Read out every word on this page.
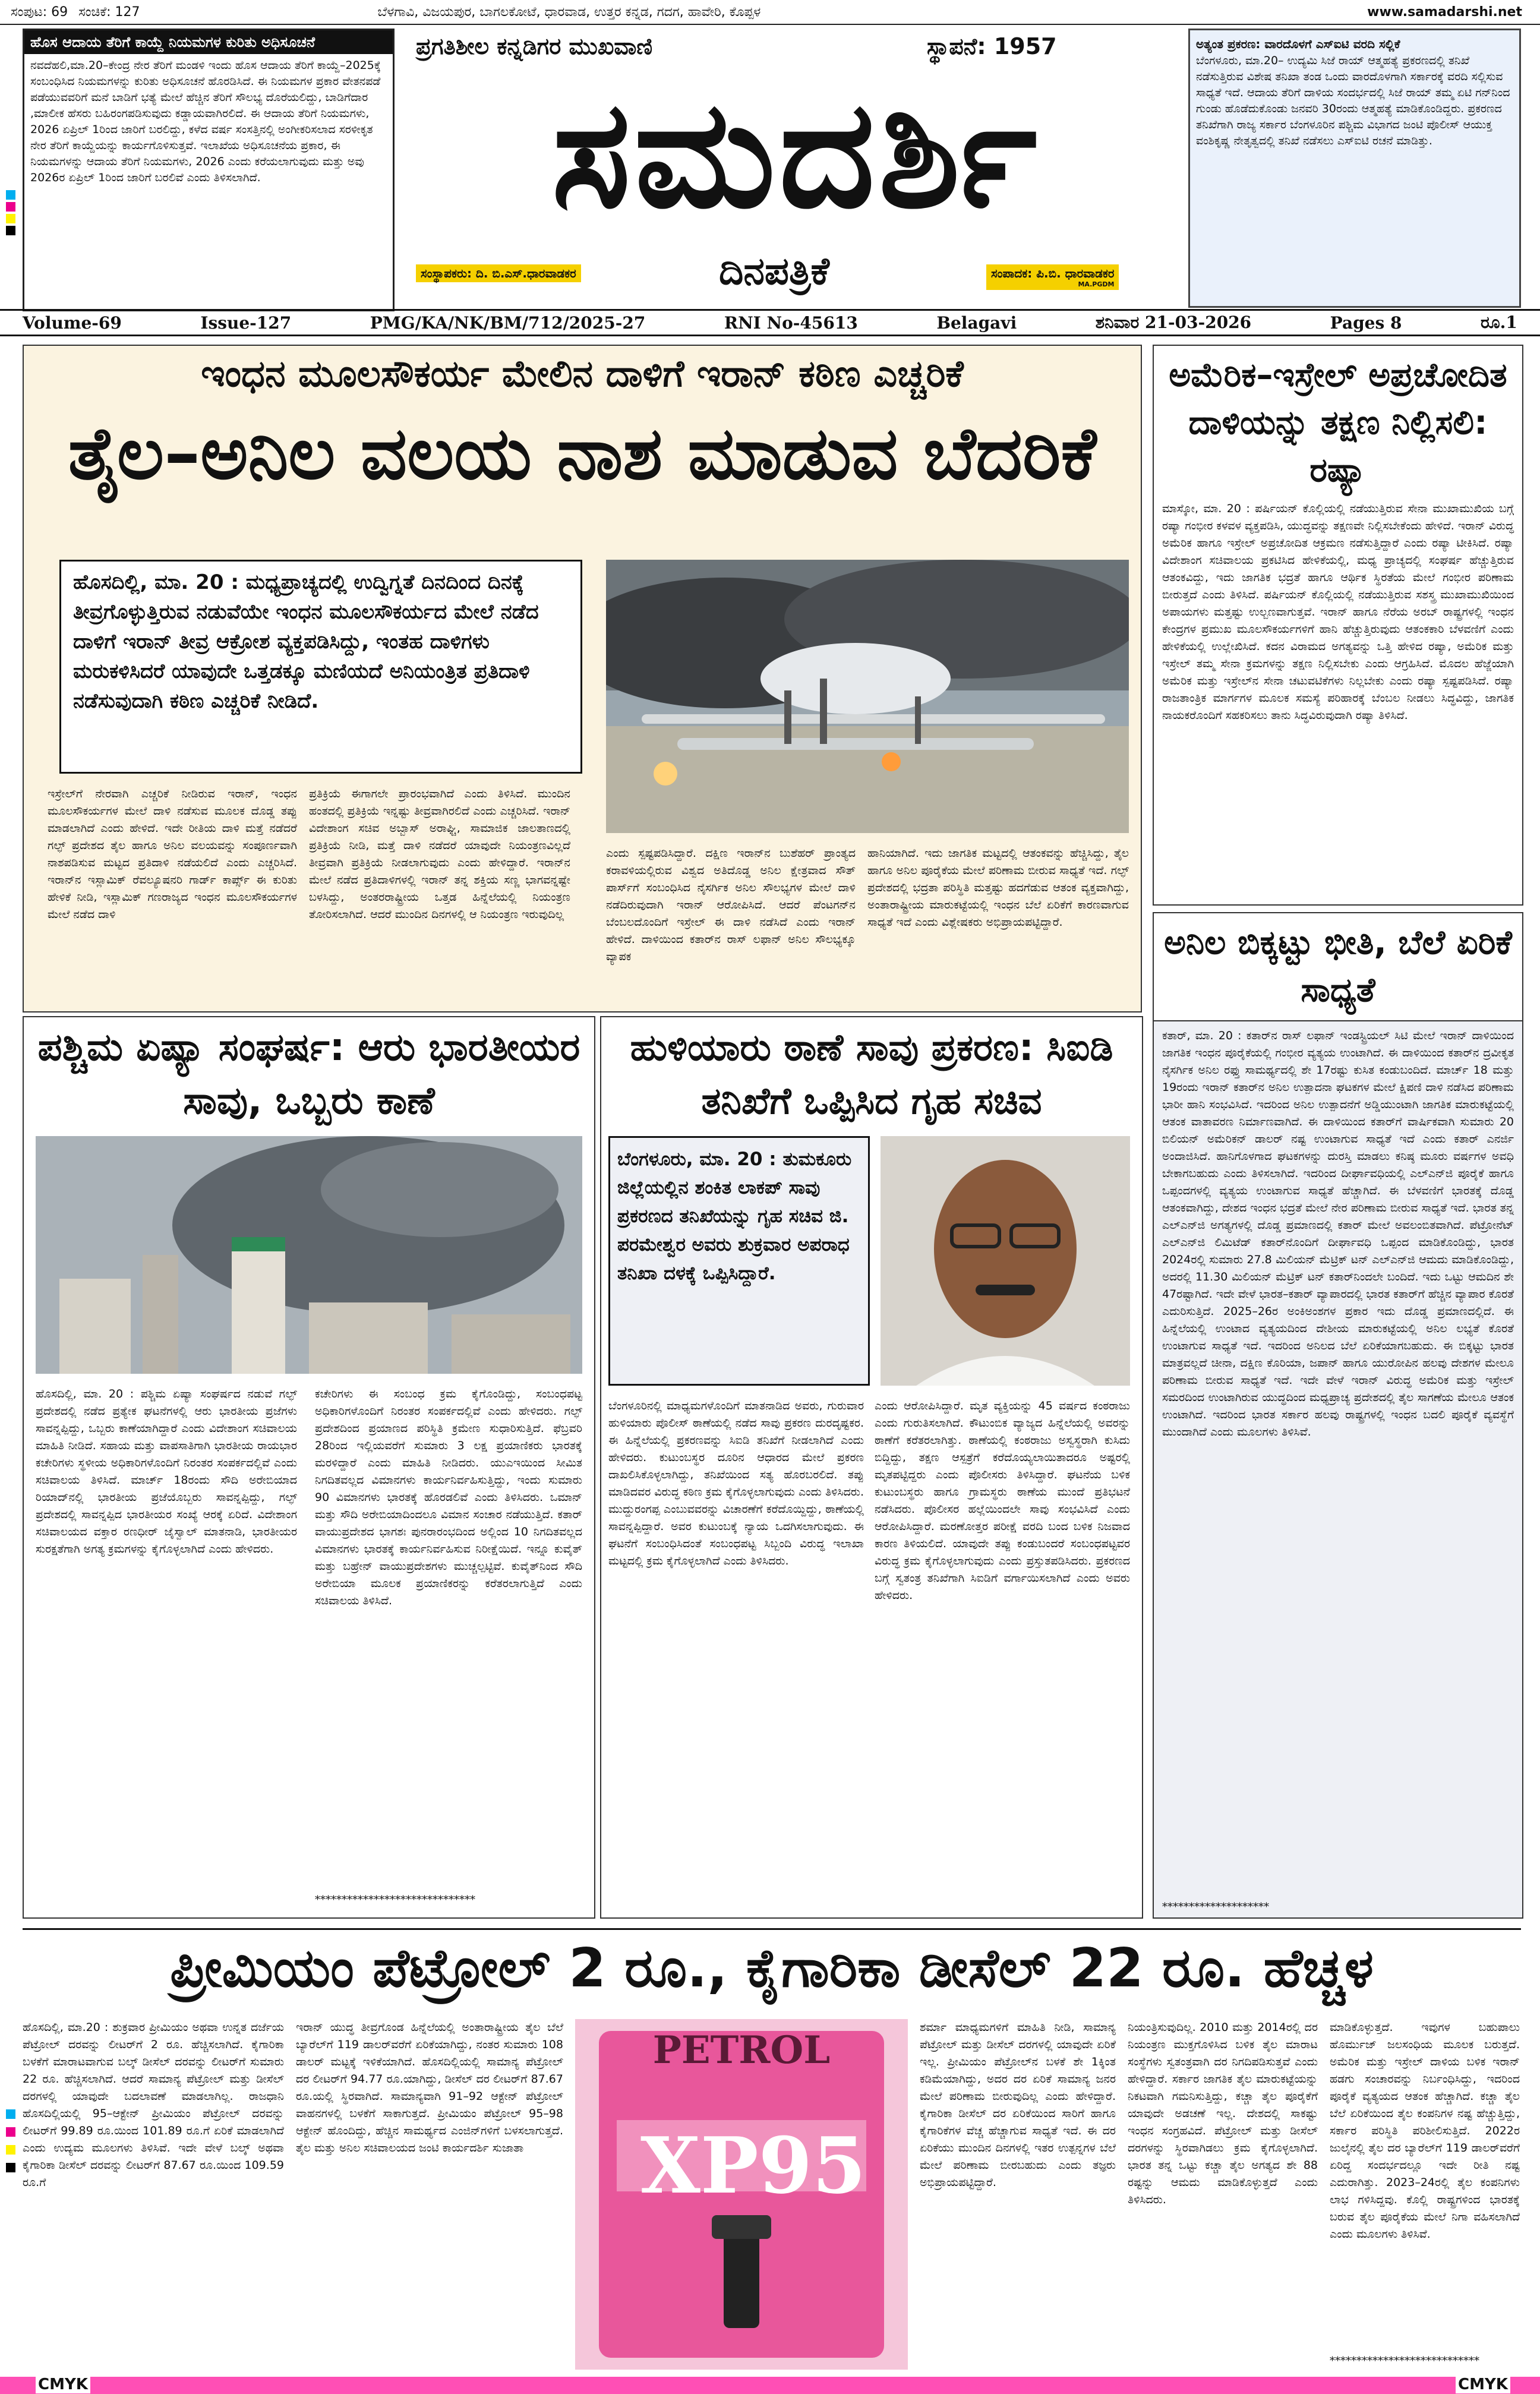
ಸಂಪುಟ: 69 ಸಂಚಿಕೆ: 127	ಬೆಳಗಾವಿ, ವಿಜಯಪುರ, ಬಾಗಲಕೋಟೆ, ಧಾರವಾಡ, ಉತ್ತರ ಕನ್ನಡ, ಗದಗ, ಹಾವೇರಿ, ಕೊಪ್ಪಳ	www.samadarshi.net
ಹೊಸ ಆದಾಯ ತೆರಿಗೆ ಕಾಯ್ದೆ ನಿಯಮಗಳ ಕುರಿತು ಅಧಿಸೂಚನೆ
ನವದೆಹಲಿ,ಮಾ.20–ಕೇಂದ್ರ ನೇರ ತೆರಿಗೆ ಮಂಡಳಿ ಇಂದು ಹೊಸ ಆದಾಯ ತೆರಿಗೆ ಕಾಯ್ದೆ–2025ಕ್ಕೆ ಸಂಬಂಧಿಸಿದ ನಿಯಮಗಳನ್ನು ಕುರಿತು ಅಧಿಸೂಚನೆ ಹೊರಡಿಸಿದೆ. ಈ ನಿಯಮಗಳ ಪ್ರಕಾರ ವೇತನಪಡೆ ಪಡೆಯುವವರಿಗೆ ಮನೆ ಬಾಡಿಗೆ ಭತ್ಯೆ ಮೇಲೆ ಹೆಚ್ಚಿನ ತೆರಿಗೆ ಸೌಲಭ್ಯ ದೊರೆಯಲಿದ್ದು, ಬಾಡಿಗೆದಾರ ,ಮಾಲೀಕ ಹೆಸರು ಬಹಿರಂಗಪಡಿಸುವುದು ಕಡ್ಡಾಯವಾಗಿರಲಿದೆ. ಈ ಆದಾಯ ತೆರಿಗೆ ನಿಯಮಗಳು, 2026 ಏಪ್ರಿಲ್ 1ರಿಂದ ಜಾರಿಗೆ ಬರಲಿದ್ದು, ಕಳೆದ ವರ್ಷ ಸಂಸತ್ತಿನಲ್ಲಿ ಅಂಗೀಕರಿಸಲಾದ ಸರಳೀಕೃತ ನೇರ ತೆರಿಗೆ ಕಾಯ್ದೆಯನ್ನು ಕಾರ್ಯಗೊಳಿಸುತ್ತವೆ. ಇಲಾಖೆಯ ಅಧಿಸೂಚನೆಯ ಪ್ರಕಾರ, ಈ ನಿಯಮಗಳನ್ನು ಆದಾಯ ತೆರಿಗೆ ನಿಯಮಗಳು, 2026 ಎಂದು ಕರೆಯಲಾಗುವುದು ಮತ್ತು ಅವು 2026ರ ಏಪ್ರಿಲ್ 1ರಿಂದ ಜಾರಿಗೆ ಬರಲಿವೆ ಎಂದು ತಿಳಿಸಲಾಗಿದೆ.
ಪ್ರಗತಿಶೀಲ ಕನ್ನಡಿಗರ ಮುಖವಾಣಿ	ಸ್ಥಾಪನೆ: 1957
ಸಮದರ್ಶಿ
ಸಂಸ್ಥಾಪಕರು: ದಿ. ಬಿ.ಎಸ್.ಧಾರವಾಡಕರ	ದಿನಪತ್ರಿಕೆ	ಸಂಪಾದಕ: ಪಿ.ಬಿ. ಧಾರವಾಡಕರ
MA.PGDM
ಅತ್ಯಂತ ಪ್ರಕರಣ: ವಾರದೊಳಗೆ ಎಸ್‌ಐಟಿ ವರದಿ ಸಲ್ಲಿಕೆ
ಬೆಂಗಳೂರು, ಮಾ.20– ಉದ್ಯಮಿ ಸಿಜೆ ರಾಯ್ ಆತ್ಮಹತ್ಯೆ ಪ್ರಕರಣದಲ್ಲಿ ತನಿಖೆ ನಡೆಸುತ್ತಿರುವ ವಿಶೇಷ ತನಿಖಾ ತಂಡ ಒಂದು ವಾರದೊಳಗಾಗಿ ಸರ್ಕಾರಕ್ಕೆ ವರದಿ ಸಲ್ಲಿಸುವ ಸಾಧ್ಯತೆ ಇದೆ. ಆದಾಯ ತೆರಿಗೆ ದಾಳಿಯ ಸಂದರ್ಭದಲ್ಲಿ ಸಿಜೆ ರಾಯ್ ತಮ್ಮ ಏಟಿ ಗನ್‌ನಿಂದ ಗುಂಡು ಹೊಡೆದುಕೊಂಡು ಜನವರಿ 30ರಂದು ಆತ್ಮಹತ್ಯೆ ಮಾಡಿಕೊಂಡಿದ್ದರು. ಪ್ರಕರಣದ ತನಿಖೆಗಾಗಿ ರಾಜ್ಯ ಸರ್ಕಾರ ಬೆಂಗಳೂರಿನ ಪಶ್ಚಿಮ ವಿಭಾಗದ ಜಂಟಿ ಪೊಲೀಸ್ ಆಯುಕ್ತ ವಂಶಿಕೃಷ್ಣ ನೇತೃತ್ವದಲ್ಲಿ ತನಿಖೆ ನಡೆಸಲು ಎಸ್‌ಐಟಿ ರಚನೆ ಮಾಡಿತ್ತು.
Volume-69	Issue-127	PMG/KA/NK/BM/712/2025-27	RNI No-45613	Belagavi	ಶನಿವಾರ 21-03-2026	Pages 8	ರೂ.1
ಇಂಧನ ಮೂಲಸೌಕರ್ಯ ಮೇಲಿನ ದಾಳಿಗೆ ಇರಾನ್ ಕಠಿಣ ಎಚ್ಚರಿಕೆ
ತೈಲ–ಅನಿಲ ವಲಯ ನಾಶ ಮಾಡುವ ಬೆದರಿಕೆ
ಹೊಸದಿಲ್ಲಿ, ಮಾ. 20 : ಮಧ್ಯಪ್ರಾಚ್ಯದಲ್ಲಿ ಉದ್ವಿಗ್ನತೆ ದಿನದಿಂದ ದಿನಕ್ಕೆ ತೀವ್ರಗೊಳ್ಳುತ್ತಿರುವ ನಡುವೆಯೇ ಇಂಧನ ಮೂಲಸೌಕರ್ಯದ ಮೇಲೆ ನಡೆದ ದಾಳಿಗೆ ಇರಾನ್ ತೀವ್ರ ಆಕ್ರೋಶ ವ್ಯಕ್ತಪಡಿಸಿದ್ದು, ಇಂತಹ ದಾಳಿಗಳು ಮರುಕಳಿಸಿದರೆ ಯಾವುದೇ ಒತ್ತಡಕ್ಕೂ ಮಣಿಯದೆ ಅನಿಯಂತ್ರಿತ ಪ್ರತಿದಾಳಿ ನಡೆಸುವುದಾಗಿ ಕಠಿಣ ಎಚ್ಚರಿಕೆ ನೀಡಿದೆ.
ಇಸ್ರೇಲ್‌ಗೆ ನೇರವಾಗಿ ಎಚ್ಚರಿಕೆ ನೀಡಿರುವ ಇರಾನ್, ಇಂಧನ ಮೂಲಸೌಕರ್ಯಗಳ ಮೇಲೆ ದಾಳಿ ನಡೆಸುವ ಮೂಲಕ ದೊಡ್ಡ ತಪ್ಪು ಮಾಡಲಾಗಿದೆ ಎಂದು ಹೇಳಿದೆ. ಇದೇ ರೀತಿಯ ದಾಳಿ ಮತ್ತೆ ನಡೆದರೆ ಗಲ್ಫ್ ಪ್ರದೇಶದ ತೈಲ ಹಾಗೂ ಅನಿಲ ವಲಯವನ್ನು ಸಂಪೂರ್ಣವಾಗಿ ನಾಶಪಡಿಸುವ ಮಟ್ಟದ ಪ್ರತಿದಾಳಿ ನಡೆಯಲಿದೆ ಎಂದು ಎಚ್ಚರಿಸಿದೆ. ಇರಾನ್‌ನ ಇಸ್ಲಾಮಿಕ್ ರೆವಲ್ಯೂಷನರಿ ಗಾರ್ಡ್ ಕಾರ್ಪ್ಸ್ ಈ ಕುರಿತು ಹೇಳಿಕೆ ನೀಡಿ, ಇಸ್ಲಾಮಿಕ್ ಗಣರಾಜ್ಯದ ಇಂಧನ ಮೂಲಸೌಕರ್ಯಗಳ ಮೇಲೆ ನಡೆದ ದಾಳಿ
ಪ್ರತಿಕ್ರಿಯೆ ಈಗಾಗಲೇ ಪ್ರಾರಂಭವಾಗಿದೆ ಎಂದು ತಿಳಿಸಿದೆ. ಮುಂದಿನ ಹಂತದಲ್ಲಿ ಪ್ರತಿಕ್ರಿಯೆ ಇನ್ನಷ್ಟು ತೀವ್ರವಾಗಿರಲಿದೆ ಎಂದು ಎಚ್ಚರಿಸಿದೆ. ಇರಾನ್ ವಿದೇಶಾಂಗ ಸಚಿವ ಅಬ್ಬಾಸ್ ಅರಾಘ್ಚಿ, ಸಾಮಾಜಿಕ ಜಾಲತಾಣದಲ್ಲಿ ಪ್ರತಿಕ್ರಿಯೆ ನೀಡಿ, ಮತ್ತೆ ದಾಳಿ ನಡೆದರೆ ಯಾವುದೇ ನಿಯಂತ್ರಣವಿಲ್ಲದೆ ತೀವ್ರವಾಗಿ ಪ್ರತಿಕ್ರಿಯೆ ನೀಡಲಾಗುವುದು ಎಂದು ಹೇಳಿದ್ದಾರೆ. ಇರಾನ್‌ನ ಮೇಲೆ ನಡೆದ ಪ್ರತಿದಾಳಿಗಳಲ್ಲಿ ಇರಾನ್ ತನ್ನ ಶಕ್ತಿಯ ಸಣ್ಣ ಭಾಗವನ್ನಷ್ಟೇ ಬಳಸಿದ್ದು, ಅಂತರರಾಷ್ಟ್ರೀಯ ಒತ್ತಡ ಹಿನ್ನೆಲೆಯಲ್ಲಿ ನಿಯಂತ್ರಣ ತೋರಿಸಲಾಗಿದೆ. ಆದರೆ ಮುಂದಿನ ದಿನಗಳಲ್ಲಿ ಆ ನಿಯಂತ್ರಣ ಇರುವುದಿಲ್ಲ
ಎಂದು ಸ್ಪಷ್ಟಪಡಿಸಿದ್ದಾರೆ. ದಕ್ಷಿಣ ಇರಾನ್‌ನ ಬುಶೆಹರ್ ಪ್ರಾಂತ್ಯದ ಕರಾವಳಿಯಲ್ಲಿರುವ ವಿಶ್ವದ ಅತಿದೊಡ್ಡ ಅನಿಲ ಕ್ಷೇತ್ರವಾದ ಸೌತ್ ಪಾರ್ಸ್‌ಗೆ ಸಂಬಂಧಿಸಿದ ನೈಸರ್ಗಿಕ ಅನಿಲ ಸೌಲಭ್ಯಗಳ ಮೇಲೆ ದಾಳಿ ನಡೆದಿರುವುದಾಗಿ ಇರಾನ್ ಆರೋಪಿಸಿದೆ. ಆದರೆ ಪೆಂಟಗನ್‌ನ ಬೆಂಬಲದೊಂದಿಗೆ ಇಸ್ರೇಲ್ ಈ ದಾಳಿ ನಡೆಸಿದೆ ಎಂದು ಇರಾನ್ ಹೇಳಿದೆ. ದಾಳಿಯಿಂದ ಕತಾರ್‌ನ ರಾಸ್ ಲಫಾನ್ ಅನಿಲ ಸೌಲಭ್ಯಕ್ಕೂ ವ್ಯಾಪಕ
ಹಾನಿಯಾಗಿದೆ. ಇದು ಜಾಗತಿಕ ಮಟ್ಟದಲ್ಲಿ ಆತಂಕವನ್ನು ಹೆಚ್ಚಿಸಿದ್ದು, ತೈಲ ಹಾಗೂ ಅನಿಲ ಪೂರೈಕೆಯ ಮೇಲೆ ಪರಿಣಾಮ ಬೀರುವ ಸಾಧ್ಯತೆ ಇದೆ. ಗಲ್ಫ್ ಪ್ರದೇಶದಲ್ಲಿ ಭದ್ರತಾ ಪರಿಸ್ಥಿತಿ ಮತ್ತಷ್ಟು ಹದಗೆಡುವ ಆತಂಕ ವ್ಯಕ್ತವಾಗಿದ್ದು, ಅಂತಾರಾಷ್ಟ್ರೀಯ ಮಾರುಕಟ್ಟೆಯಲ್ಲಿ ಇಂಧನ ಬೆಲೆ ಏರಿಕೆಗೆ ಕಾರಣವಾಗುವ ಸಾಧ್ಯತೆ ಇದೆ ಎಂದು ವಿಶ್ಲೇಷಕರು ಅಭಿಪ್ರಾಯಪಟ್ಟಿದ್ದಾರೆ.
ಅಮೆರಿಕ–ಇಸ್ರೇಲ್ ಅಪ್ರಚೋದಿತ ದಾಳಿಯನ್ನು ತಕ್ಷಣ ನಿಲ್ಲಿಸಲಿ: ರಷ್ಯಾ
ಮಾಸ್ಕೋ, ಮಾ. 20 : ಪರ್ಷಿಯನ್ ಕೊಲ್ಲಿಯಲ್ಲಿ ನಡೆಯುತ್ತಿರುವ ಸೇನಾ ಮುಖಾಮುಖಿಯ ಬಗ್ಗೆ ರಷ್ಯಾ ಗಂಭೀರ ಕಳವಳ ವ್ಯಕ್ತಪಡಿಸಿ, ಯುದ್ಧವನ್ನು ತಕ್ಷಣವೇ ನಿಲ್ಲಿಸಬೇಕೆಂದು ಹೇಳಿದೆ. ಇರಾನ್ ವಿರುದ್ಧ ಅಮೆರಿಕ ಹಾಗೂ ಇಸ್ರೇಲ್ ಅಪ್ರಚೋದಿತ ಆಕ್ರಮಣ ನಡೆಸುತ್ತಿದ್ದಾರೆ ಎಂದು ರಷ್ಯಾ ಟೀಕಿಸಿದೆ. ರಷ್ಯಾ ವಿದೇಶಾಂಗ ಸಚಿವಾಲಯ ಪ್ರಕಟಿಸಿದ ಹೇಳಿಕೆಯಲ್ಲಿ, ಮಧ್ಯ ಪ್ರಾಚ್ಯದಲ್ಲಿ ಸಂಘರ್ಷ ಹೆಚ್ಚುತ್ತಿರುವ ಆತಂಕವಿದ್ದು, ಇದು ಜಾಗತಿಕ ಭದ್ರತೆ ಹಾಗೂ ಆರ್ಥಿಕ ಸ್ಥಿರತೆಯ ಮೇಲೆ ಗಂಭೀರ ಪರಿಣಾಮ ಬೀರುತ್ತದೆ ಎಂದು ತಿಳಿಸಿದೆ. ಪರ್ಷಿಯನ್ ಕೊಲ್ಲಿಯಲ್ಲಿ ನಡೆಯುತ್ತಿರುವ ಸಶಸ್ತ್ರ ಮುಖಾಮುಖಿಯಿಂದ ಅಪಾಯಗಳು ಮತ್ತಷ್ಟು ಉಲ್ಬಣವಾಗುತ್ತವೆ. ಇರಾನ್ ಹಾಗೂ ನೆರೆಯ ಅರಬ್ ರಾಷ್ಟ್ರಗಳಲ್ಲಿ ಇಂಧನ ಕೇಂದ್ರಗಳ ಪ್ರಮುಖ ಮೂಲಸೌಕರ್ಯಗಳಿಗೆ ಹಾನಿ ಹೆಚ್ಚುತ್ತಿರುವುದು ಆತಂಕಕಾರಿ ಬೆಳವಣಿಗೆ ಎಂದು ಹೇಳಿಕೆಯಲ್ಲಿ ಉಲ್ಲೇಖಿಸಿದೆ. ಕದನ ವಿರಾಮದ ಅಗತ್ಯವನ್ನು ಒತ್ತಿ ಹೇಳಿದ ರಷ್ಯಾ, ಅಮೆರಿಕ ಮತ್ತು ಇಸ್ರೇಲ್ ತಮ್ಮ ಸೇನಾ ಕ್ರಮಗಳನ್ನು ತಕ್ಷಣ ನಿಲ್ಲಿಸಬೇಕು ಎಂದು ಆಗ್ರಹಿಸಿದೆ. ಮೊದಲ ಹೆಜ್ಜೆಯಾಗಿ ಅಮೆರಿಕ ಮತ್ತು ಇಸ್ರೇಲ್‌ನ ಸೇನಾ ಚಟುವಟಿಕೆಗಳು ನಿಲ್ಲಬೇಕು ಎಂದು ರಷ್ಯಾ ಸ್ಪಷ್ಟಪಡಿಸಿದೆ. ರಷ್ಯಾ ರಾಜತಾಂತ್ರಿಕ ಮಾರ್ಗಗಳ ಮೂಲಕ ಸಮಸ್ಯೆ ಪರಿಹಾರಕ್ಕೆ ಬೆಂಬಲ ನೀಡಲು ಸಿದ್ಧವಿದ್ದು, ಜಾಗತಿಕ ನಾಯಕರೊಂದಿಗೆ ಸಹಕರಿಸಲು ತಾನು ಸಿದ್ಧವಿರುವುದಾಗಿ ರಷ್ಯಾ ತಿಳಿಸಿದೆ.
ಅನಿಲ ಬಿಕ್ಕಟ್ಟು ಭೀತಿ, ಬೆಲೆ ಏರಿಕೆ ಸಾಧ್ಯತೆ
ಕತಾರ್, ಮಾ. 20 : ಕತಾರ್‌ನ ರಾಸ್ ಲಫಾನ್ ಇಂಡಸ್ಟ್ರಿಯಲ್ ಸಿಟಿ ಮೇಲೆ ಇರಾನ್ ದಾಳಿಯಿಂದ ಜಾಗತಿಕ ಇಂಧನ ಪೂರೈಕೆಯಲ್ಲಿ ಗಂಭೀರ ವ್ಯತ್ಯಯ ಉಂಟಾಗಿದೆ. ಈ ದಾಳಿಯಿಂದ ಕತಾರ್‌ನ ದ್ರವೀಕೃತ ನೈಸರ್ಗಿಕ ಅನಿಲ ರಫ್ತು ಸಾಮರ್ಥ್ಯದಲ್ಲಿ ಶೇ 17ರಷ್ಟು ಕುಸಿತ ಕಂಡುಬಂದಿದೆ. ಮಾರ್ಚ್ 18 ಮತ್ತು 19ರಂದು ಇರಾನ್ ಕತಾರ್‌ನ ಅನಿಲ ಉತ್ಪಾದನಾ ಘಟಕಗಳ ಮೇಲೆ ಕ್ಷಿಪಣಿ ದಾಳಿ ನಡೆಸಿದ ಪರಿಣಾಮ ಭಾರೀ ಹಾನಿ ಸಂಭವಿಸಿದೆ. ಇದರಿಂದ ಅನಿಲ ಉತ್ಪಾದನೆಗೆ ಅಡ್ಡಿಯುಂಟಾಗಿ ಜಾಗತಿಕ ಮಾರುಕಟ್ಟೆಯಲ್ಲಿ ಆತಂಕ ವಾತಾವರಣ ನಿರ್ಮಾಣವಾಗಿದೆ. ಈ ದಾಳಿಯಿಂದ ಕತಾರ್‌ಗೆ ವಾರ್ಷಿಕವಾಗಿ ಸುಮಾರು 20 ಬಿಲಿಯನ್ ಅಮೆರಿಕನ್ ಡಾಲರ್ ನಷ್ಟ ಉಂಟಾಗುವ ಸಾಧ್ಯತೆ ಇದೆ ಎಂದು ಕತಾರ್ ಎನರ್ಜಿ ಅಂದಾಜಿಸಿದೆ. ಹಾನಿಗೊಳಗಾದ ಘಟಕಗಳನ್ನು ದುರಸ್ತಿ ಮಾಡಲು ಕನಿಷ್ಠ ಮೂರು ವರ್ಷಗಳ ಅವಧಿ ಬೇಕಾಗಬಹುದು ಎಂದು ತಿಳಿಸಲಾಗಿದೆ. ಇದರಿಂದ ದೀರ್ಘಾವಧಿಯಲ್ಲಿ ಎಲ್‌ಎನ್‌ಜಿ ಪೂರೈಕೆ ಹಾಗೂ ಒಪ್ಪಂದಗಳಲ್ಲಿ ವ್ಯತ್ಯಯ ಉಂಟಾಗುವ ಸಾಧ್ಯತೆ ಹೆಚ್ಚಾಗಿದೆ. ಈ ಬೆಳವಣಿಗೆ ಭಾರತಕ್ಕೆ ದೊಡ್ಡ ಆತಂಕವಾಗಿದ್ದು, ದೇಶದ ಇಂಧನ ಭದ್ರತೆ ಮೇಲೆ ನೇರ ಪರಿಣಾಮ ಬೀರುವ ಸಾಧ್ಯತೆ ಇದೆ. ಭಾರತ ತನ್ನ ಎಲ್‌ಎನ್‌ಜಿ ಅಗತ್ಯಗಳಲ್ಲಿ ದೊಡ್ಡ ಪ್ರಮಾಣದಲ್ಲಿ ಕತಾರ್ ಮೇಲೆ ಅವಲಂಬಿತವಾಗಿದೆ. ಪೆಟ್ರೋನೆಟ್ ಎಲ್‌ಎನ್‌ಜಿ ಲಿಮಿಟೆಡ್ ಕತಾರ್‌ನೊಂದಿಗೆ ದೀರ್ಘಾವಧಿ ಒಪ್ಪಂದ ಮಾಡಿಕೊಂಡಿದ್ದು, ಭಾರತ 2024ರಲ್ಲಿ ಸುಮಾರು 27.8 ಮಿಲಿಯನ್ ಮೆಟ್ರಿಕ್ ಟನ್ ಎಲ್‌ಎನ್‌ಜಿ ಆಮದು ಮಾಡಿಕೊಂಡಿದ್ದು, ಅದರಲ್ಲಿ 11.30 ಮಿಲಿಯನ್ ಮೆಟ್ರಿಕ್ ಟನ್ ಕತಾರ್‌ನಿಂದಲೇ ಬಂದಿದೆ. ಇದು ಒಟ್ಟು ಆಮದಿನ ಶೇ 47ರಷ್ಟಾಗಿದೆ. ಇದೇ ವೇಳೆ ಭಾರತ–ಕತಾರ್ ವ್ಯಾಪಾರದಲ್ಲಿ ಭಾರತ ಕತಾರ್‌ಗೆ ಹೆಚ್ಚಿನ ವ್ಯಾಪಾರ ಕೊರತೆ ಎದುರಿಸುತ್ತಿದೆ. 2025–26ರ ಅಂಕಿಅಂಶಗಳ ಪ್ರಕಾರ ಇದು ದೊಡ್ಡ ಪ್ರಮಾಣದಲ್ಲಿದೆ. ಈ ಹಿನ್ನೆಲೆಯಲ್ಲಿ ಉಂಟಾದ ವ್ಯತ್ಯಯದಿಂದ ದೇಶೀಯ ಮಾರುಕಟ್ಟೆಯಲ್ಲಿ ಅನಿಲ ಲಭ್ಯತೆ ಕೊರತೆ ಉಂಟಾಗುವ ಸಾಧ್ಯತೆ ಇದೆ. ಇದರಿಂದ ಅನಿಲದ ಬೆಲೆ ಏರಿಕೆಯಾಗಬಹುದು. ಈ ಬಿಕ್ಕಟ್ಟು ಭಾರತ ಮಾತ್ರವಲ್ಲದೆ ಚೀನಾ, ದಕ್ಷಿಣ ಕೊರಿಯಾ, ಜಪಾನ್ ಹಾಗೂ ಯುರೋಪಿನ ಹಲವು ದೇಶಗಳ ಮೇಲೂ ಪರಿಣಾಮ ಬೀರುವ ಸಾಧ್ಯತೆ ಇದೆ. ಇದೇ ವೇಳೆ ಇರಾನ್ ವಿರುದ್ಧ ಅಮೆರಿಕ ಮತ್ತು ಇಸ್ರೇಲ್ ಸಮರದಿಂದ ಉಂಟಾಗಿರುವ ಯುದ್ಧದಿಂದ ಮಧ್ಯಪ್ರಾಚ್ಯ ಪ್ರದೇಶದಲ್ಲಿ ತೈಲ ಸಾಗಣೆಯ ಮೇಲೂ ಆತಂಕ ಉಂಟಾಗಿದೆ. ಇದರಿಂದ ಭಾರತ ಸರ್ಕಾರ ಹಲವು ರಾಷ್ಟ್ರಗಳಲ್ಲಿ ಇಂಧನ ಬದಲಿ ಪೂರೈಕೆ ವ್ಯವಸ್ಥೆಗೆ ಮುಂದಾಗಿದೆ ಎಂದು ಮೂಲಗಳು ತಿಳಿಸಿವೆ.
********************
ಪಶ್ಚಿಮ ಏಷ್ಯಾ ಸಂಘರ್ಷ: ಆರು ಭಾರತೀಯರ ಸಾವು, ಒಬ್ಬರು ಕಾಣೆ
ಹೊಸದಿಲ್ಲಿ, ಮಾ. 20 : ಪಶ್ಚಿಮ ಏಷ್ಯಾ ಸಂಘರ್ಷದ ನಡುವೆ ಗಲ್ಫ್ ಪ್ರದೇಶದಲ್ಲಿ ನಡೆದ ಪ್ರತ್ಯೇಕ ಘಟನೆಗಳಲ್ಲಿ ಆರು ಭಾರತೀಯ ಪ್ರಜೆಗಳು ಸಾವನ್ನಪ್ಪಿದ್ದು, ಒಬ್ಬರು ಕಾಣೆಯಾಗಿದ್ದಾರೆ ಎಂದು ವಿದೇಶಾಂಗ ಸಚಿವಾಲಯ ಮಾಹಿತಿ ನೀಡಿದೆ. ಸಹಾಯ ಮತ್ತು ವಾಪಸಾತಿಗಾಗಿ ಭಾರತೀಯ ರಾಯಭಾರ ಕಚೇರಿಗಳು ಸ್ಥಳೀಯ ಅಧಿಕಾರಿಗಳೊಂದಿಗೆ ನಿರಂತರ ಸಂಪರ್ಕದಲ್ಲಿವೆ ಎಂದು ಸಚಿವಾಲಯ ತಿಳಿಸಿದೆ. ಮಾರ್ಚ್ 18ರಂದು ಸೌದಿ ಅರೇಬಿಯಾದ ರಿಯಾದ್‌ನಲ್ಲಿ ಭಾರತೀಯ ಪ್ರಜೆಯೊಬ್ಬರು ಸಾವನ್ನಪ್ಪಿದ್ದು, ಗಲ್ಫ್ ಪ್ರದೇಶದಲ್ಲಿ ಸಾವನ್ನಪ್ಪಿದ ಭಾರತೀಯರ ಸಂಖ್ಯೆ ಆರಕ್ಕೆ ಏರಿದೆ. ವಿದೇಶಾಂಗ ಸಚಿವಾಲಯದ ವಕ್ತಾರ ರಣಧೀರ್ ಜೈಸ್ವಾಲ್ ಮಾತನಾಡಿ, ಭಾರತೀಯರ ಸುರಕ್ಷತೆಗಾಗಿ ಅಗತ್ಯ ಕ್ರಮಗಳನ್ನು ಕೈಗೊಳ್ಳಲಾಗಿದೆ ಎಂದು ಹೇಳಿದರು.
ಕಚೇರಿಗಳು ಈ ಸಂಬಂಧ ಕ್ರಮ ಕೈಗೊಂಡಿದ್ದು, ಸಂಬಂಧಪಟ್ಟ ಅಧಿಕಾರಿಗಳೊಂದಿಗೆ ನಿರಂತರ ಸಂಪರ್ಕದಲ್ಲಿವೆ ಎಂದು ಹೇಳಿದರು. ಗಲ್ಫ್ ಪ್ರದೇಶದಿಂದ ಪ್ರಯಾಣದ ಪರಿಸ್ಥಿತಿ ಕ್ರಮೇಣ ಸುಧಾರಿಸುತ್ತಿದೆ. ಫೆಬ್ರವರಿ 28ರಿಂದ ಇಲ್ಲಿಯವರೆಗೆ ಸುಮಾರು 3 ಲಕ್ಷ ಪ್ರಯಾಣಿಕರು ಭಾರತಕ್ಕೆ ಮರಳಿದ್ದಾರೆ ಎಂದು ಮಾಹಿತಿ ನೀಡಿದರು. ಯುಎಇಯಿಂದ ಸೀಮಿತ ನಿಗದಿತವಲ್ಲದ ವಿಮಾನಗಳು ಕಾರ್ಯನಿರ್ವಹಿಸುತ್ತಿದ್ದು, ಇಂದು ಸುಮಾರು 90 ವಿಮಾನಗಳು ಭಾರತಕ್ಕೆ ಹೊರಡಲಿವೆ ಎಂದು ತಿಳಿಸಿದರು. ಒಮಾನ್ ಮತ್ತು ಸೌದಿ ಅರೇಬಿಯಾದಿಂದಲೂ ವಿಮಾನ ಸಂಚಾರ ನಡೆಯುತ್ತಿದೆ. ಕತಾರ್ ವಾಯುಪ್ರದೇಶದ ಭಾಗಶಃ ಪುನರಾರಂಭದಿಂದ ಅಲ್ಲಿಂದ 10 ನಿಗದಿತವಲ್ಲದ ವಿಮಾನಗಳು ಭಾರತಕ್ಕೆ ಕಾರ್ಯನಿರ್ವಹಿಸುವ ನಿರೀಕ್ಷೆಯಿದೆ. ಇನ್ನೂ ಕುವೈತ್ ಮತ್ತು ಬಹ್ರೇನ್ ವಾಯುಪ್ರದೇಶಗಳು ಮುಚ್ಚಲ್ಪಟ್ಟಿವೆ. ಕುವೈತ್‌ನಿಂದ ಸೌದಿ ಅರೇಬಿಯಾ ಮೂಲಕ ಪ್ರಯಾಣಿಕರನ್ನು ಕರೆತರಲಾಗುತ್ತಿದೆ ಎಂದು ಸಚಿವಾಲಯ ತಿಳಿಸಿದೆ.
******************************
ಹುಳಿಯಾರು ಠಾಣೆ ಸಾವು ಪ್ರಕರಣ: ಸಿಐಡಿ ತನಿಖೆಗೆ ಒಪ್ಪಿಸಿದ ಗೃಹ ಸಚಿವ
ಬೆಂಗಳೂರು, ಮಾ. 20 : ತುಮಕೂರು ಜಿಲ್ಲೆಯಲ್ಲಿನ ಶಂಕಿತ ಲಾಕಪ್ ಸಾವು ಪ್ರಕರಣದ ತನಿಖೆಯನ್ನು ಗೃಹ ಸಚಿವ ಜಿ. ಪರಮೇಶ್ವರ ಅವರು ಶುಕ್ರವಾರ ಅಪರಾಧ ತನಿಖಾ ದಳಕ್ಕೆ ಒಪ್ಪಿಸಿದ್ದಾರೆ.
ಬೆಂಗಳೂರಿನಲ್ಲಿ ಮಾಧ್ಯಮಗಳೊಂದಿಗೆ ಮಾತನಾಡಿದ ಅವರು, ಗುರುವಾರ ಹುಳಿಯಾರು ಪೊಲೀಸ್ ಠಾಣೆಯಲ್ಲಿ ನಡೆದ ಸಾವು ಪ್ರಕರಣ ದುರದೃಷ್ಟಕರ. ಈ ಹಿನ್ನೆಲೆಯಲ್ಲಿ ಪ್ರಕರಣವನ್ನು ಸಿಐಡಿ ತನಿಖೆಗೆ ನೀಡಲಾಗಿದೆ ಎಂದು ಹೇಳಿದರು. ಕುಟುಂಬಸ್ಥರ ದೂರಿನ ಆಧಾರದ ಮೇಲೆ ಪ್ರಕರಣ ದಾಖಲಿಸಿಕೊಳ್ಳಲಾಗಿದ್ದು, ತನಿಖೆಯಿಂದ ಸತ್ಯ ಹೊರಬರಲಿದೆ. ತಪ್ಪು ಮಾಡಿದವರ ವಿರುದ್ಧ ಕಠಿಣ ಕ್ರಮ ಕೈಗೊಳ್ಳಲಾಗುವುದು ಎಂದು ತಿಳಿಸಿದರು. ಮುದ್ದುರಂಗಪ್ಪ ಎಂಬುವವರನ್ನು ವಿಚಾರಣೆಗೆ ಕರೆದೊಯ್ದಿದ್ದು, ಠಾಣೆಯಲ್ಲಿ ಸಾವನ್ನಪ್ಪಿದ್ದಾರೆ. ಅವರ ಕುಟುಂಬಕ್ಕೆ ನ್ಯಾಯ ಒದಗಿಸಲಾಗುವುದು. ಈ ಘಟನೆಗೆ ಸಂಬಂಧಿಸಿದಂತೆ ಸಂಬಂಧಪಟ್ಟ ಸಿಬ್ಬಂದಿ ವಿರುದ್ಧ ಇಲಾಖಾ ಮಟ್ಟದಲ್ಲಿ ಕ್ರಮ ಕೈಗೊಳ್ಳಲಾಗಿದೆ ಎಂದು ತಿಳಿಸಿದರು.
ಎಂದು ಆರೋಪಿಸಿದ್ದಾರೆ. ಮೃತ ವ್ಯಕ್ತಿಯನ್ನು 45 ವರ್ಷದ ಕಂಠರಾಜು ಎಂದು ಗುರುತಿಸಲಾಗಿದೆ. ಕೌಟುಂಬಿಕ ವ್ಯಾಜ್ಯದ ಹಿನ್ನೆಲೆಯಲ್ಲಿ ಅವರನ್ನು ಠಾಣೆಗೆ ಕರೆತರಲಾಗಿತ್ತು. ಠಾಣೆಯಲ್ಲಿ ಕಂಠರಾಜು ಅಸ್ವಸ್ಥರಾಗಿ ಕುಸಿದು ಬಿದ್ದಿದ್ದು, ತಕ್ಷಣ ಆಸ್ಪತ್ರೆಗೆ ಕರೆದೊಯ್ಯಲಾಯಿತಾದರೂ ಅಷ್ಟರಲ್ಲಿ ಮೃತಪಟ್ಟಿದ್ದರು ಎಂದು ಪೊಲೀಸರು ತಿಳಿಸಿದ್ದಾರೆ. ಘಟನೆಯ ಬಳಿಕ ಕುಟುಂಬಸ್ಥರು ಹಾಗೂ ಗ್ರಾಮಸ್ಥರು ಠಾಣೆಯ ಮುಂದೆ ಪ್ರತಿಭಟನೆ ನಡೆಸಿದರು. ಪೊಲೀಸರ ಹಲ್ಲೆಯಿಂದಲೇ ಸಾವು ಸಂಭವಿಸಿದೆ ಎಂದು ಆರೋಪಿಸಿದ್ದಾರೆ. ಮರಣೋತ್ತರ ಪರೀಕ್ಷೆ ವರದಿ ಬಂದ ಬಳಿಕ ನಿಜವಾದ ಕಾರಣ ತಿಳಿಯಲಿದೆ. ಯಾವುದೇ ತಪ್ಪು ಕಂಡುಬಂದರೆ ಸಂಬಂಧಪಟ್ಟವರ ವಿರುದ್ಧ ಕ್ರಮ ಕೈಗೊಳ್ಳಲಾಗುವುದು ಎಂದು ಪ್ರಸ್ತುತಪಡಿಸಿದರು. ಪ್ರಕರಣದ ಬಗ್ಗೆ ಸ್ವತಂತ್ರ ತನಿಖೆಗಾಗಿ ಸಿಐಡಿಗೆ ವರ್ಗಾಯಿಸಲಾಗಿದೆ ಎಂದು ಅವರು ಹೇಳಿದರು.
ಪ್ರೀಮಿಯಂ ಪೆಟ್ರೋಲ್ 2 ರೂ., ಕೈಗಾರಿಕಾ ಡೀಸೆಲ್ 22 ರೂ. ಹೆಚ್ಚಳ
ಹೊಸದಿಲ್ಲಿ, ಮಾ.20 : ಶುಕ್ರವಾರ ಪ್ರೀಮಿಯಂ ಅಥವಾ ಉನ್ನತ ದರ್ಜೆಯ ಪೆಟ್ರೋಲ್ ದರವನ್ನು ಲೀಟರ್‌ಗೆ 2 ರೂ. ಹೆಚ್ಚಿಸಲಾಗಿದೆ. ಕೈಗಾರಿಕಾ ಬಳಕೆಗೆ ಮಾರಾಟವಾಗುವ ಬಲ್ಕ್ ಡೀಸೆಲ್ ದರವನ್ನು ಲೀಟರ್‌ಗೆ ಸುಮಾರು 22 ರೂ. ಹೆಚ್ಚಿಸಲಾಗಿದೆ. ಆದರೆ ಸಾಮಾನ್ಯ ಪೆಟ್ರೋಲ್ ಮತ್ತು ಡೀಸೆಲ್ ದರಗಳಲ್ಲಿ ಯಾವುದೇ ಬದಲಾವಣೆ ಮಾಡಲಾಗಿಲ್ಲ. ರಾಜಧಾನಿ ಹೊಸದಿಲ್ಲಿಯಲ್ಲಿ 95–ಆಕ್ಟೇನ್ ಪ್ರೀಮಿಯಂ ಪೆಟ್ರೋಲ್ ದರವನ್ನು ಲೀಟರ್‌ಗೆ 99.89 ರೂ.ಯಿಂದ 101.89 ರೂ.ಗೆ ಏರಿಕೆ ಮಾಡಲಾಗಿದೆ ಎಂದು ಉದ್ಯಮ ಮೂಲಗಳು ತಿಳಿಸಿವೆ. ಇದೇ ವೇಳೆ ಬಲ್ಕ್ ಅಥವಾ ಕೈಗಾರಿಕಾ ಡೀಸೆಲ್ ದರವನ್ನು ಲೀಟರ್‌ಗೆ 87.67 ರೂ.ಯಿಂದ 109.59 ರೂ.ಗೆ
ಇರಾನ್ ಯುದ್ಧ ತೀವ್ರಗೊಂಡ ಹಿನ್ನೆಲೆಯಲ್ಲಿ ಅಂತಾರಾಷ್ಟ್ರೀಯ ತೈಲ ಬೆಲೆ ಬ್ಯಾರೆಲ್‌ಗೆ 119 ಡಾಲರ್‌ವರೆಗೆ ಏರಿಕೆಯಾಗಿದ್ದು, ನಂತರ ಸುಮಾರು 108 ಡಾಲರ್ ಮಟ್ಟಕ್ಕೆ ಇಳಿಕೆಯಾಗಿದೆ. ಹೊಸದಿಲ್ಲಿಯಲ್ಲಿ ಸಾಮಾನ್ಯ ಪೆಟ್ರೋಲ್ ದರ ಲೀಟರ್‌ಗೆ 94.77 ರೂ.ಯಾಗಿದ್ದು, ಡೀಸೆಲ್ ದರ ಲೀಟರ್‌ಗೆ 87.67 ರೂ.ಯಲ್ಲಿ ಸ್ಥಿರವಾಗಿದೆ. ಸಾಮಾನ್ಯವಾಗಿ 91–92 ಆಕ್ಟೇನ್ ಪೆಟ್ರೋಲ್ ವಾಹನಗಳಲ್ಲಿ ಬಳಕೆಗೆ ಸಾಕಾಗುತ್ತದೆ. ಪ್ರೀಮಿಯಂ ಪೆಟ್ರೋಲ್ 95–98 ಆಕ್ಟೇನ್ ಹೊಂದಿದ್ದು, ಹೆಚ್ಚಿನ ಸಾಮರ್ಥ್ಯದ ಎಂಜಿನ್‌ಗಳಿಗೆ ಬಳಸಲಾಗುತ್ತದೆ. ತೈಲ ಮತ್ತು ಅನಿಲ ಸಚಿವಾಲಯದ ಜಂಟಿ ಕಾರ್ಯದರ್ಶಿ ಸುಜಾತಾ
PETROL
XP95
ಶರ್ಮಾ ಮಾಧ್ಯಮಗಳಿಗೆ ಮಾಹಿತಿ ನೀಡಿ, ಸಾಮಾನ್ಯ ಪೆಟ್ರೋಲ್ ಮತ್ತು ಡೀಸೆಲ್ ದರಗಳಲ್ಲಿ ಯಾವುದೇ ಏರಿಕೆ ಇಲ್ಲ. ಪ್ರೀಮಿಯಂ ಪೆಟ್ರೋಲ್‌ನ ಬಳಕೆ ಶೇ 1ಕ್ಕಿಂತ ಕಡಿಮೆಯಾಗಿದ್ದು, ಅದರ ದರ ಏರಿಕೆ ಸಾಮಾನ್ಯ ಜನರ ಮೇಲೆ ಪರಿಣಾಮ ಬೀರುವುದಿಲ್ಲ ಎಂದು ಹೇಳಿದ್ದಾರೆ. ಕೈಗಾರಿಕಾ ಡೀಸೆಲ್ ದರ ಏರಿಕೆಯಿಂದ ಸಾರಿಗೆ ಹಾಗೂ ಕೈಗಾರಿಕೆಗಳ ವೆಚ್ಚ ಹೆಚ್ಚಾಗುವ ಸಾಧ್ಯತೆ ಇದೆ. ಈ ದರ ಏರಿಕೆಯು ಮುಂದಿನ ದಿನಗಳಲ್ಲಿ ಇತರ ಉತ್ಪನ್ನಗಳ ಬೆಲೆ ಮೇಲೆ ಪರಿಣಾಮ ಬೀರಬಹುದು ಎಂದು ತಜ್ಞರು ಅಭಿಪ್ರಾಯಪಟ್ಟಿದ್ದಾರೆ.
ನಿಯಂತ್ರಿಸುವುದಿಲ್ಲ. 2010 ಮತ್ತು 2014ರಲ್ಲಿ ದರ ನಿಯಂತ್ರಣ ಮುಕ್ತಗೊಳಿಸಿದ ಬಳಿಕ ತೈಲ ಮಾರಾಟ ಸಂಸ್ಥೆಗಳು ಸ್ವತಂತ್ರವಾಗಿ ದರ ನಿಗದಿಪಡಿಸುತ್ತವೆ ಎಂದು ಹೇಳಿದ್ದಾರೆ. ಸರ್ಕಾರ ಜಾಗತಿಕ ತೈಲ ಮಾರುಕಟ್ಟೆಯನ್ನು ನಿಕಟವಾಗಿ ಗಮನಿಸುತ್ತಿದ್ದು, ಕಚ್ಚಾ ತೈಲ ಪೂರೈಕೆಗೆ ಯಾವುದೇ ಅಡಚಣೆ ಇಲ್ಲ. ದೇಶದಲ್ಲಿ ಸಾಕಷ್ಟು ಇಂಧನ ಸಂಗ್ರಹವಿದೆ. ಪೆಟ್ರೋಲ್ ಮತ್ತು ಡೀಸೆಲ್ ದರಗಳನ್ನು ಸ್ಥಿರವಾಗಿಡಲು ಕ್ರಮ ಕೈಗೊಳ್ಳಲಾಗಿದೆ. ಭಾರತ ತನ್ನ ಒಟ್ಟು ಕಚ್ಚಾ ತೈಲ ಅಗತ್ಯದ ಶೇ 88 ರಷ್ಟನ್ನು ಆಮದು ಮಾಡಿಕೊಳ್ಳುತ್ತದೆ ಎಂದು ತಿಳಿಸಿದರು.
ಮಾಡಿಕೊಳ್ಳುತ್ತದೆ. ಇವುಗಳ ಬಹುಪಾಲು ಹೊರ್ಮುಜ್ ಜಲಸಂಧಿಯ ಮೂಲಕ ಬರುತ್ತದೆ. ಅಮೆರಿಕ ಮತ್ತು ಇಸ್ರೇಲ್ ದಾಳಿಯ ಬಳಿಕ ಇರಾನ್ ಹಡಗು ಸಂಚಾರವನ್ನು ನಿರ್ಬಂಧಿಸಿದ್ದು, ಇದರಿಂದ ಪೂರೈಕೆ ವ್ಯತ್ಯಯದ ಆತಂಕ ಹೆಚ್ಚಾಗಿದೆ. ಕಚ್ಚಾ ತೈಲ ಬೆಲೆ ಏರಿಕೆಯಿಂದ ತೈಲ ಕಂಪನಿಗಳ ನಷ್ಟ ಹೆಚ್ಚುತ್ತಿದ್ದು, ಸರ್ಕಾರ ಪರಿಸ್ಥಿತಿ ಪರಿಶೀಲಿಸುತ್ತಿದೆ. 2022ರ ಜುಲೈನಲ್ಲಿ ತೈಲ ದರ ಬ್ಯಾರೆಲ್‌ಗೆ 119 ಡಾಲರ್‌ವರೆಗೆ ಏರಿದ್ದ ಸಂದರ್ಭದಲ್ಲೂ ಇದೇ ರೀತಿ ನಷ್ಟ ಎದುರಾಗಿತ್ತು. 2023–24ರಲ್ಲಿ ತೈಲ ಕಂಪನಿಗಳು ಲಾಭ ಗಳಿಸಿದ್ದವು. ಕೊಲ್ಲಿ ರಾಷ್ಟ್ರಗಳಿಂದ ಭಾರತಕ್ಕೆ ಬರುವ ತೈಲ ಪೂರೈಕೆಯ ಮೇಲೆ ನಿಗಾ ವಹಿಸಲಾಗಿದೆ ಎಂದು ಮೂಲಗಳು ತಿಳಿಸಿವೆ.
****************************
CMYK	CMYK
